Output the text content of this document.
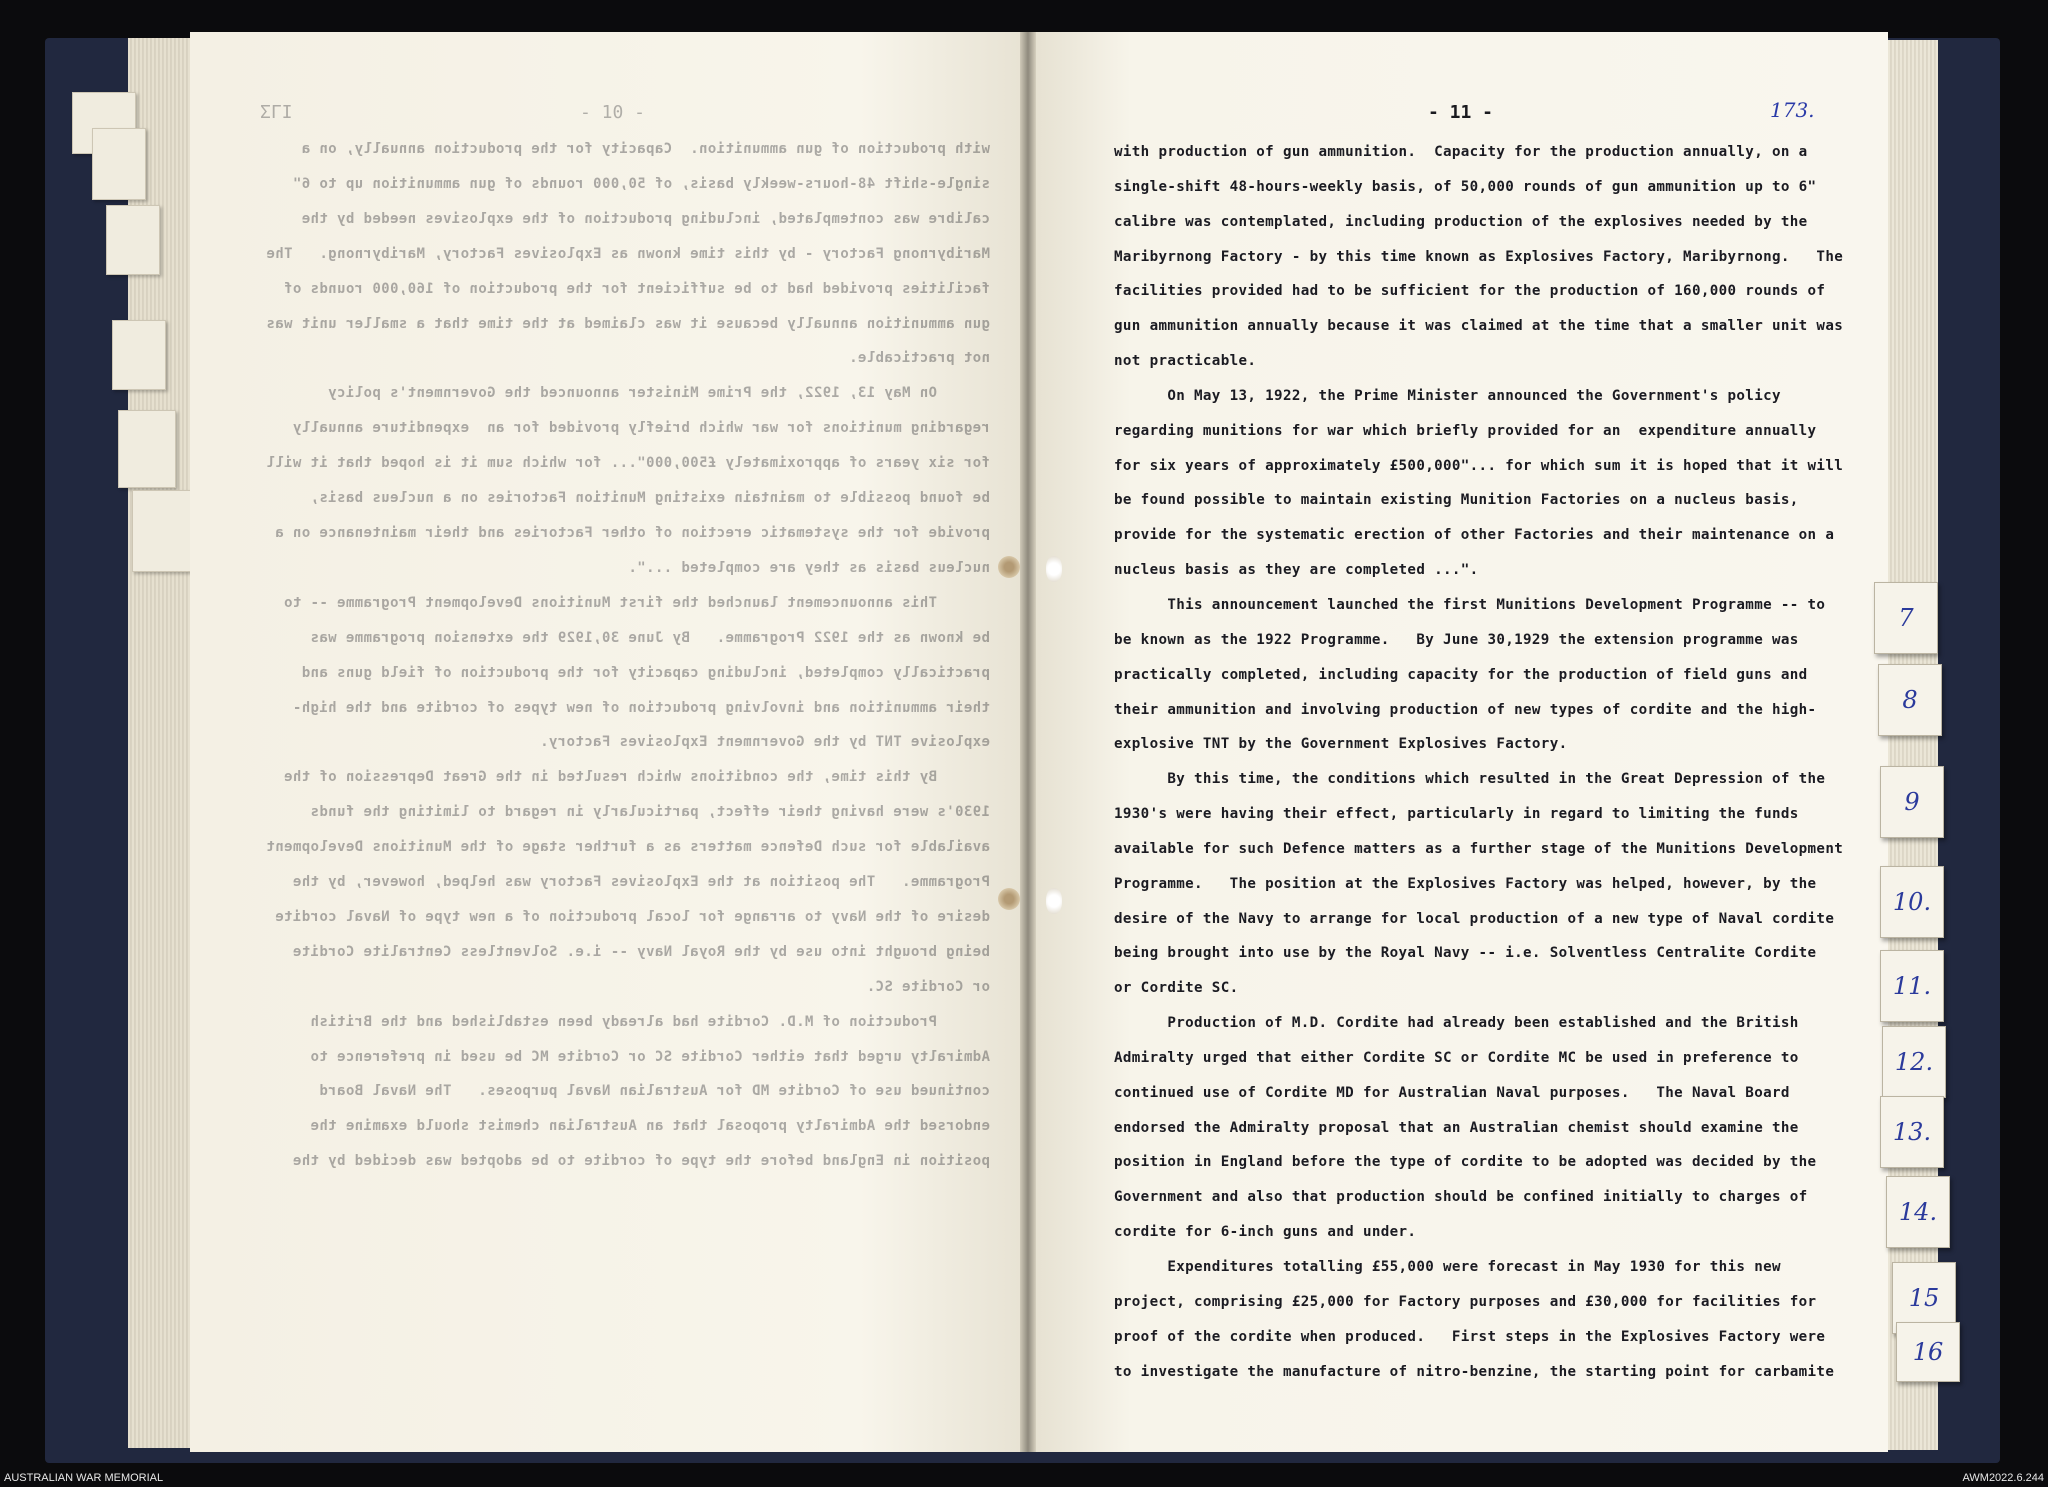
ΣΓΙ	- 10 -
with production of gun ammunition.  Capacity for the production annually, on a
single-shift 48-hours-weekly basis, of 50,000 rounds of gun ammunition up to 6"
calibre was contemplated, including production of the explosives needed by the
Maribyrnong Factory - by this time known as Explosives Factory, Maribyrnong.   The
facilities provided had to be sufficient for the production of 160,000 rounds of
gun ammunition annually because it was claimed at the time that a smaller unit was
not practicable.
On May 13, 1922, the Prime Minister announced the Government's policy
regarding munitions for war which briefly provided for an  expenditure annually
for six years of approximately £500,000"... for which sum it is hoped that it will
be found possible to maintain existing Munition Factories on a nucleus basis,
provide for the systematic erection of other Factories and their maintenance on a
nucleus basis as they are completed ...".
This announcement launched the first Munitions Development Programme -- to
be known as the 1922 Programme.   By June 30,1929 the extension programme was
practically completed, including capacity for the production of field guns and
their ammunition and involving production of new types of cordite and the high-
explosive TNT by the Government Explosives Factory.
By this time, the conditions which resulted in the Great Depression of the
1930's were having their effect, particularly in regard to limiting the funds
available for such Defence matters as a further stage of the Munitions Development
Programme.   The position at the Explosives Factory was helped, however, by the
desire of the Navy to arrange for local production of a new type of Naval cordite
being brought into use by the Royal Navy -- i.e. Solventless Centralite Cordite
or Cordite SC.
Production of M.D. Cordite had already been established and the British
Admiralty urged that either Cordite SC or Cordite MC be used in preference to
continued use of Cordite MD for Australian Naval purposes.   The Naval Board
endorsed the Admiralty proposal that an Australian chemist should examine the
position in England before the type of cordite to be adopted was decided by the
- 11 -	173.
with production of gun ammunition.  Capacity for the production annually, on a
single-shift 48-hours-weekly basis, of 50,000 rounds of gun ammunition up to 6"
calibre was contemplated, including production of the explosives needed by the
Maribyrnong Factory - by this time known as Explosives Factory, Maribyrnong.   The
facilities provided had to be sufficient for the production of 160,000 rounds of
gun ammunition annually because it was claimed at the time that a smaller unit was
not practicable.
On May 13, 1922, the Prime Minister announced the Government's policy
regarding munitions for war which briefly provided for an  expenditure annually
for six years of approximately £500,000"... for which sum it is hoped that it will
be found possible to maintain existing Munition Factories on a nucleus basis,
provide for the systematic erection of other Factories and their maintenance on a
nucleus basis as they are completed ...".
This announcement launched the first Munitions Development Programme -- to
be known as the 1922 Programme.   By June 30,1929 the extension programme was
practically completed, including capacity for the production of field guns and
their ammunition and involving production of new types of cordite and the high-
explosive TNT by the Government Explosives Factory.
By this time, the conditions which resulted in the Great Depression of the
1930's were having their effect, particularly in regard to limiting the funds
available for such Defence matters as a further stage of the Munitions Development
Programme.   The position at the Explosives Factory was helped, however, by the
desire of the Navy to arrange for local production of a new type of Naval cordite
being brought into use by the Royal Navy -- i.e. Solventless Centralite Cordite
or Cordite SC.
Production of M.D. Cordite had already been established and the British
Admiralty urged that either Cordite SC or Cordite MC be used in preference to
continued use of Cordite MD for Australian Naval purposes.   The Naval Board
endorsed the Admiralty proposal that an Australian chemist should examine the
position in England before the type of cordite to be adopted was decided by the
Government and also that production should be confined initially to charges of
cordite for 6-inch guns and under.
Expenditures totalling £55,000 were forecast in May 1930 for this new
project, comprising £25,000 for Factory purposes and £30,000 for facilities for
proof of the cordite when produced.   First steps in the Explosives Factory were
to investigate the manufacture of nitro-benzine, the starting point for carbamite
7
8
9
10.
11.
12.
13.
14.
15
16
AUSTRALIAN WAR MEMORIAL	AWM2022.6.244
